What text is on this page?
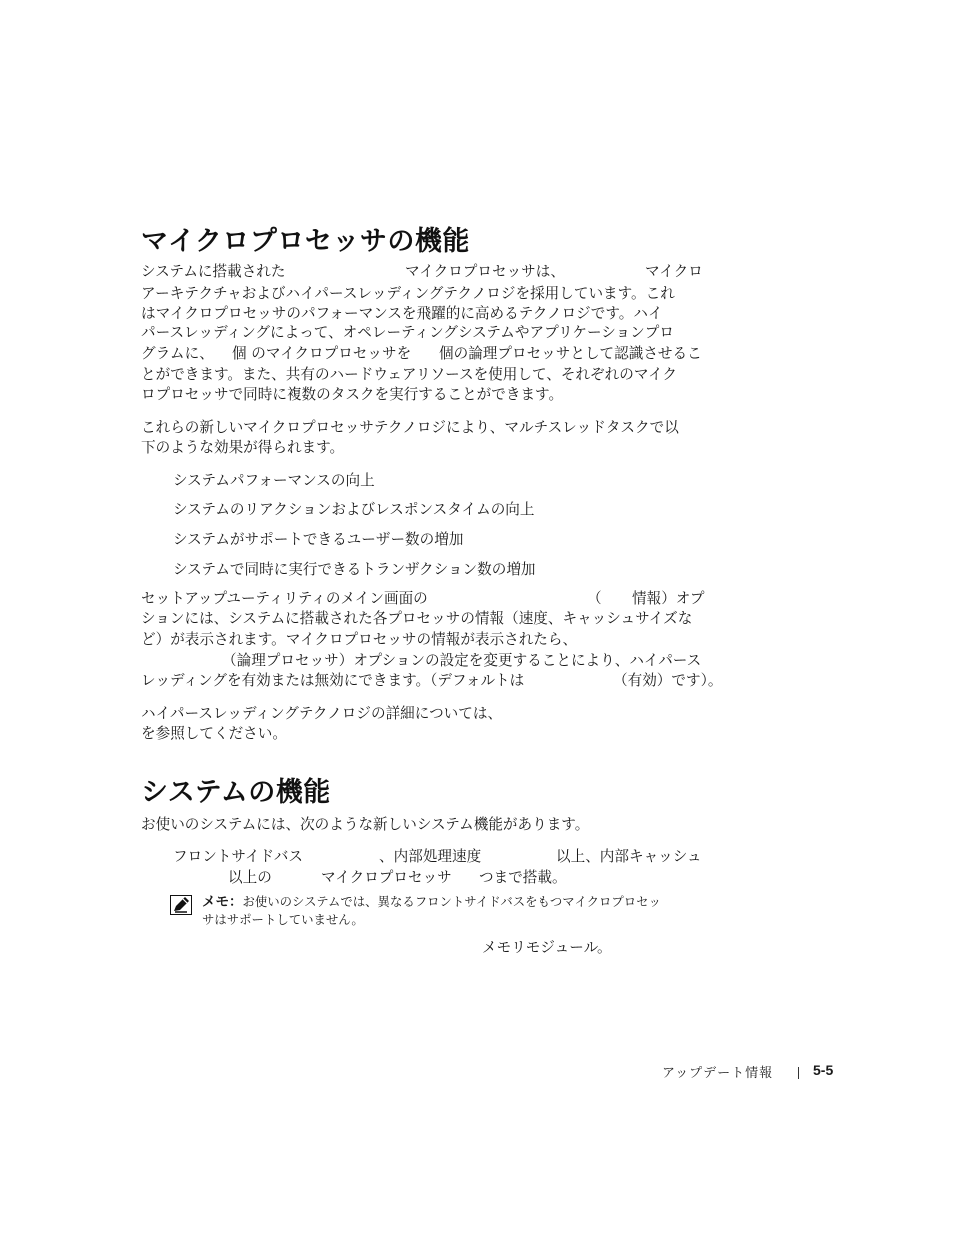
マイクロプロセッサの機能
システムに搭載された	マイクロプロセッサは、	マイクロ
アーキテクチャおよびハイパースレッディングテクノロジを採用しています。これ
はマイクロプロセッサのパフォーマンスを飛躍的に高めるテクノロジです。ハイ
パースレッディングによって、オペレーティングシステムやアプリケーションプロ
グラムに、 個 のマイクロプロセッサを 個の論理プロセッサとして認識させるこ
とができます。また、共有のハードウェアリソースを使用して、それぞれのマイク
ロプロセッサで同時に複数のタスクを実行することができます。
これらの新しいマイクロプロセッサテクノロジにより、マルチスレッドタスクで以
下のような効果が得られます。
システムパフォーマンスの向上
システムのリアクションおよびレスポンスタイムの向上
システムがサポートできるユーザー数の増加
システムで同時に実行できるトランザクション数の増加
セットアップユーティリティのメイン画面の	（ 情報）オプ
ションには、システムに搭載された各プロセッサの情報（速度、キャッシュサイズな
ど）が表示されます。マイクロプロセッサの情報が表示されたら、
（論理プロセッサ）オプションの設定を変更することにより、ハイパース
レッディングを有効または無効にできます。（デフォルトは	（有効）です）。
ハイパースレッディングテクノロジの詳細については、
を参照してください。
システムの機能
お使いのシステムには、次のような新しいシステム機能があります。
フロントサイドバス	、内部処理速度	以上、内部キャッシュ
以上の	マイクロプロセッサ つまで搭載。
メモ：お使いのシステムでは、異なるフロントサイドバスをもつマイクロプロセッ
サはサポートしていません。
メモリモジュール。
アップデート情報	5-5
